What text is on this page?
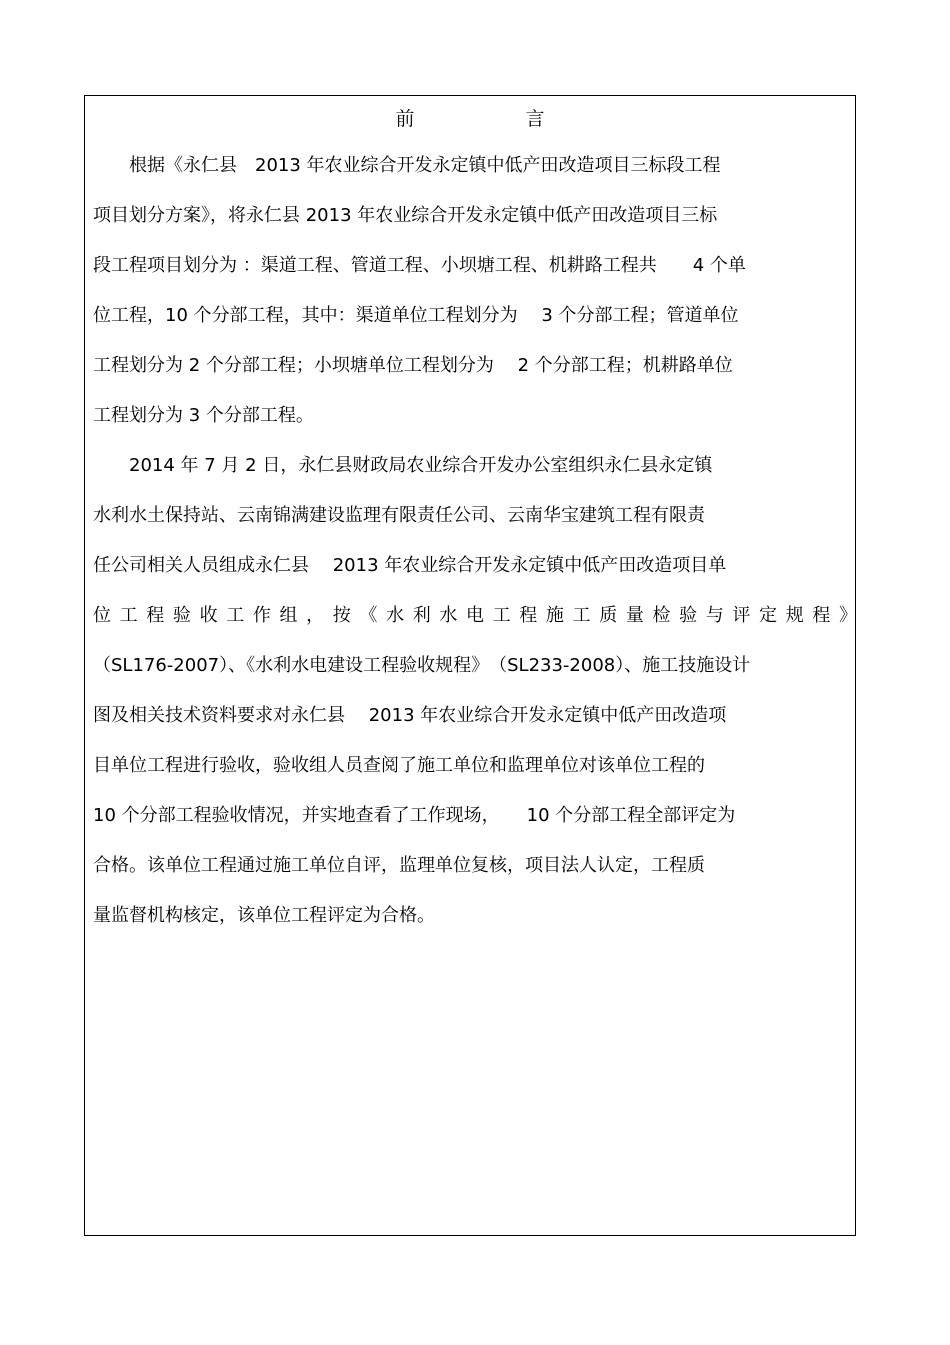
前　言
　　根据《永仁县　2013 年农业综合开发永定镇中低产田改造项目三标段工程
项目划分方案》，将永仁县 2013 年农业综合开发永定镇中低产田改造项目三标
段工程项目划分为 ：渠道工程、管道工程、小坝塘工程、机耕路工程共　　4 个单
位工程，10 个分部工程，其中：渠道单位工程划分为　 3 个分部工程；管道单位
工程划分为 2 个分部工程；小坝塘单位工程划分为　 2 个分部工程；机耕路单位
工程划分为 3 个分部工程。
　　2014 年 7 月 2 日，永仁县财政局农业综合开发办公室组织永仁县永定镇
水利水土保持站、云南锦满建设监理有限责任公司、云南华宝建筑工程有限责
任公司相关人员组成永仁县　 2013 年农业综合开发永定镇中低产田改造项目单
位 工 程 验 收 工 作 组 ， 按 《 水 利 水 电 工 程 施 工 质 量 检 验 与 评 定 规 程 》
（SL176-2007）、《水利水电建设工程验收规程》　（SL233-2008）、施工技施设计
图及相关技术资料要求对永仁县　 2013 年农业综合开发永定镇中低产田改造项
目单位工程进行验收，验收组人员查阅了施工单位和监理单位对该单位工程的
10 个分部工程验收情况，并实地查看了工作现场，　　10 个分部工程全部评定为
合格。该单位工程通过施工单位自评，监理单位复核，项目法人认定，工程质
量监督机构核定，该单位工程评定为合格。
